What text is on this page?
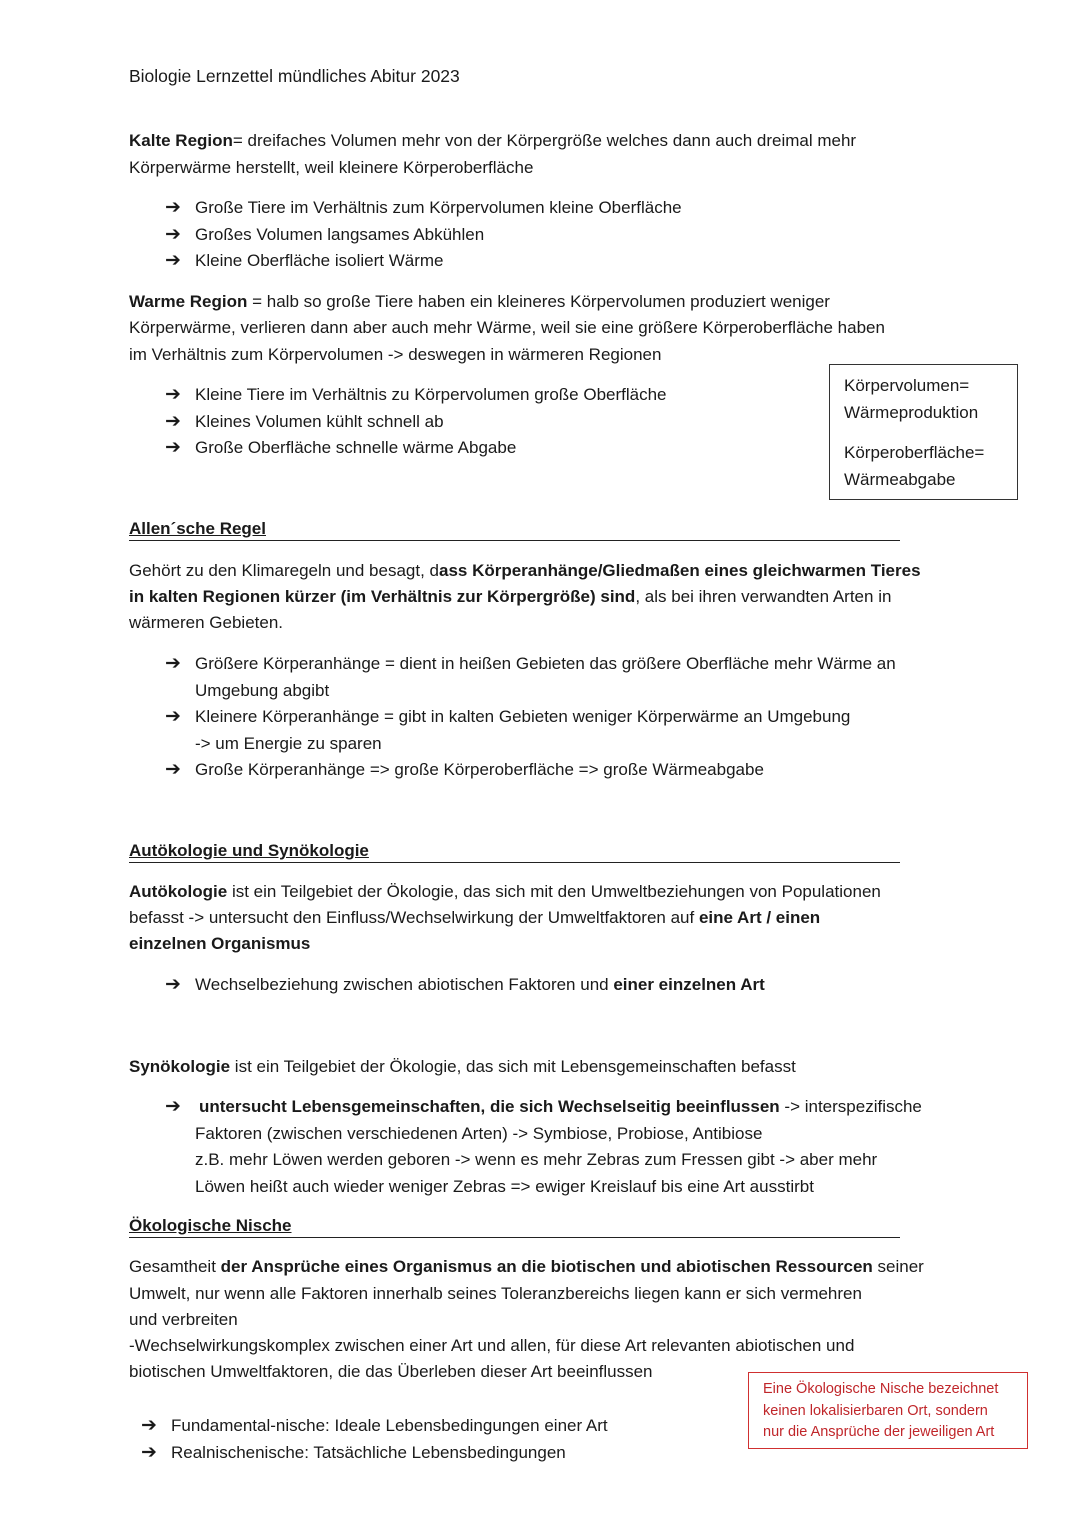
Biologie Lernzettel mündliches Abitur 2023

Kalte Region= dreifaches Volumen mehr von der Körpergröße welches dann auch dreimal mehr

Körperwärme herstellt, weil kleinere Körperoberfläche

➔ Große Tiere im Verhältnis zum Körpervolumen kleine Oberfläche
➔ Großes Volumen langsames Abkühlen
➔ Kleine Oberfläche isoliert Wärme

Warme Region = halb so große Tiere haben ein kleineres Körpervolumen produziert weniger

Körperwärme, verlieren dann aber auch mehr Wärme, weil sie eine größere Körperoberfläche haben

im Verhältnis zum Körpervolumen -> deswegen in wärmeren Regionen

➔ Kleine Tiere im Verhältnis zu Körpervolumen große Oberfläche
➔ Kleines Volumen kühlt schnell ab
➔ Große Oberfläche schnelle wärme Abgabe
Körpervolumen=
Wärmeproduktion
Körperoberfläche=
Wärmeabgabe
Allen´sche Regel

Gehört zu den Klimaregeln und besagt, dass Körperanhänge/Gliedmaßen eines gleichwarmen Tieres

in kalten Regionen kürzer (im Verhältnis zur Körpergröße) sind, als bei ihren verwandten Arten in

wärmeren Gebieten.

➔ Größere Körperanhänge = dient in heißen Gebieten das größere Oberfläche mehr Wärme an
Umgebung abgibt
➔ Kleinere Körperanhänge = gibt in kalten Gebieten weniger Körperwärme an Umgebung
-> um Energie zu sparen
➔ Große Körperanhänge => große Körperoberfläche => große Wärmeabgabe
Autökologie und Synökologie

Autökologie ist ein Teilgebiet der Ökologie, das sich mit den Umweltbeziehungen von Populationen

befasst -> untersucht den Einfluss/Wechselwirkung der Umweltfaktoren auf eine Art / einen

einzelnen Organismus

➔ Wechselbeziehung zwischen abiotischen Faktoren und einer einzelnen Art

Synökologie ist ein Teilgebiet der Ökologie, das sich mit Lebensgemeinschaften befasst

➔ untersucht Lebensgemeinschaften, die sich Wechselseitig beeinflussen -> interspezifische
Faktoren (zwischen verschiedenen Arten) -> Symbiose, Probiose, Antibiose
z.B. mehr Löwen werden geboren -> wenn es mehr Zebras zum Fressen gibt -> aber mehr
Löwen heißt auch wieder weniger Zebras => ewiger Kreislauf bis eine Art ausstirbt
Ökologische Nische

Gesamtheit der Ansprüche eines Organismus an die biotischen und abiotischen Ressourcen seiner

Umwelt, nur wenn alle Faktoren innerhalb seines Toleranzbereichs liegen kann er sich vermehren

und verbreiten

-Wechselwirkungskomplex zwischen einer Art und allen, für diese Art relevanten abiotischen und

biotischen Umweltfaktoren, die das Überleben dieser Art beeinflussen

➔ Fundamental-nische: Ideale Lebensbedingungen einer Art
➔ Realnischenische: Tatsächliche Lebensbedingungen
Eine Ökologische Nische bezeichnet
keinen lokalisierbaren Ort, sondern
nur die Ansprüche der jeweiligen Art
